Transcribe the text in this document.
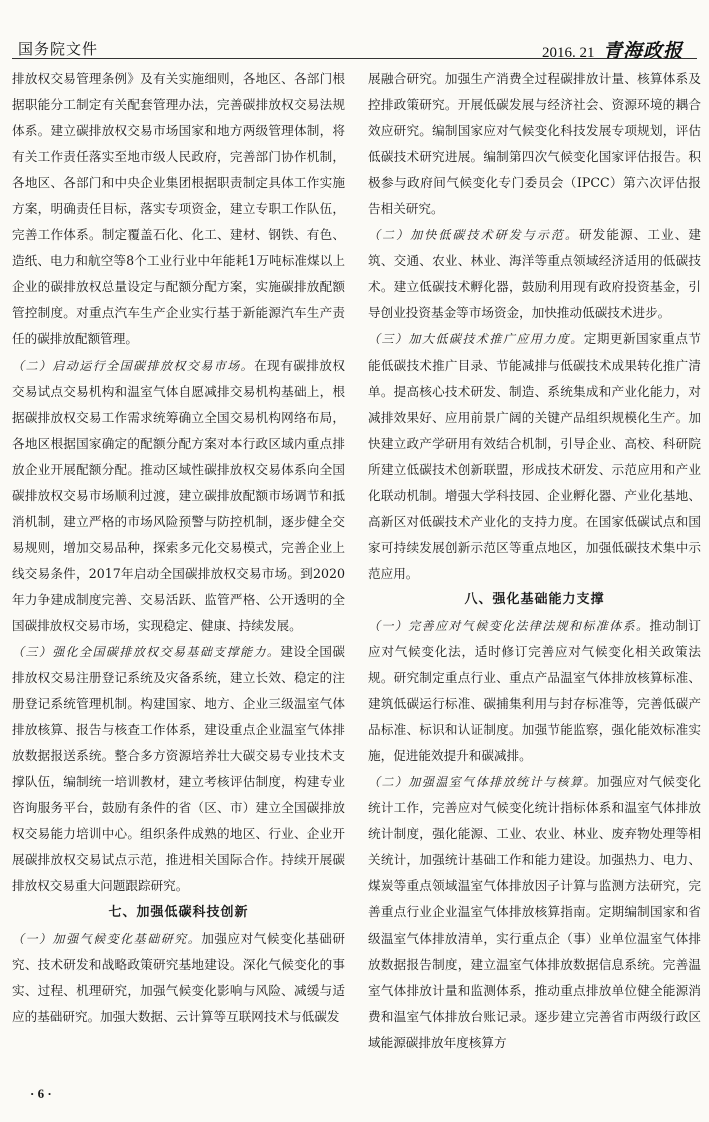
国务院文件	2016. 21 青海政报

排放权交易管理条例》及有关实施细则，各地区、各部门根据职能分工制定有关配套管理办法，完善碳排放权交易法规体系。建立碳排放权交易市场国家和地方两级管理体制，将有关工作责任落实至地市级人民政府，完善部门协作机制，各地区、各部门和中央企业集团根据职责制定具体工作实施方案，明确责任目标，落实专项资金，建立专职工作队伍，完善工作体系。制定覆盖石化、化工、建材、钢铁、有色、造纸、电力和航空等8个工业行业中年能耗1万吨标准煤以上企业的碳排放权总量设定与配额分配方案，实施碳排放配额管控制度。对重点汽车生产企业实行基于新能源汽车生产责任的碳排放配额管理。

（二）启动运行全国碳排放权交易市场。在现有碳排放权交易试点交易机构和温室气体自愿减排交易机构基础上，根据碳排放权交易工作需求统筹确立全国交易机构网络布局，各地区根据国家确定的配额分配方案对本行政区域内重点排放企业开展配额分配。推动区域性碳排放权交易体系向全国碳排放权交易市场顺利过渡，建立碳排放配额市场调节和抵消机制，建立严格的市场风险预警与防控机制，逐步健全交易规则，增加交易品种，探索多元化交易模式，完善企业上线交易条件，2017年启动全国碳排放权交易市场。到2020年力争建成制度完善、交易活跃、监管严格、公开透明的全国碳排放权交易市场，实现稳定、健康、持续发展。

（三）强化全国碳排放权交易基础支撑能力。建设全国碳排放权交易注册登记系统及灾备系统，建立长效、稳定的注册登记系统管理机制。构建国家、地方、企业三级温室气体排放核算、报告与核查工作体系，建设重点企业温室气体排放数据报送系统。整合多方资源培养壮大碳交易专业技术支撑队伍，编制统一培训教材，建立考核评估制度，构建专业咨询服务平台，鼓励有条件的省（区、市）建立全国碳排放权交易能力培训中心。组织条件成熟的地区、行业、企业开展碳排放权交易试点示范，推进相关国际合作。持续开展碳排放权交易重大问题跟踪研究。

七、加强低碳科技创新

（一）加强气候变化基础研究。加强应对气候变化基础研究、技术研发和战略政策研究基地建设。深化气候变化的事实、过程、机理研究，加强气候变化影响与风险、减缓与适应的基础研究。加强大数据、云计算等互联网技术与低碳发

展融合研究。加强生产消费全过程碳排放计量、核算体系及控排政策研究。开展低碳发展与经济社会、资源环境的耦合效应研究。编制国家应对气候变化科技发展专项规划，评估低碳技术研究进展。编制第四次气候变化国家评估报告。积极参与政府间气候变化专门委员会（IPCC）第六次评估报告相关研究。

（二）加快低碳技术研发与示范。研发能源、工业、建筑、交通、农业、林业、海洋等重点领域经济适用的低碳技术。建立低碳技术孵化器，鼓励利用现有政府投资基金，引导创业投资基金等市场资金，加快推动低碳技术进步。

（三）加大低碳技术推广应用力度。定期更新国家重点节能低碳技术推广目录、节能减排与低碳技术成果转化推广清单。提高核心技术研发、制造、系统集成和产业化能力，对减排效果好、应用前景广阔的关键产品组织规模化生产。加快建立政产学研用有效结合机制，引导企业、高校、科研院所建立低碳技术创新联盟，形成技术研发、示范应用和产业化联动机制。增强大学科技园、企业孵化器、产业化基地、高新区对低碳技术产业化的支持力度。在国家低碳试点和国家可持续发展创新示范区等重点地区，加强低碳技术集中示范应用。

八、强化基础能力支撑

（一）完善应对气候变化法律法规和标准体系。推动制订应对气候变化法，适时修订完善应对气候变化相关政策法规。研究制定重点行业、重点产品温室气体排放核算标准、建筑低碳运行标准、碳捕集利用与封存标准等，完善低碳产品标准、标识和认证制度。加强节能监察，强化能效标准实施，促进能效提升和碳减排。

（二）加强温室气体排放统计与核算。加强应对气候变化统计工作，完善应对气候变化统计指标体系和温室气体排放统计制度，强化能源、工业、农业、林业、废弃物处理等相关统计，加强统计基础工作和能力建设。加强热力、电力、煤炭等重点领域温室气体排放因子计算与监测方法研究，完善重点行业企业温室气体排放核算指南。定期编制国家和省级温室气体排放清单，实行重点企（事）业单位温室气体排放数据报告制度，建立温室气体排放数据信息系统。完善温室气体排放计量和监测体系，推动重点排放单位健全能源消费和温室气体排放台账记录。逐步建立完善省市两级行政区域能源碳排放年度核算方

· 6 ·
